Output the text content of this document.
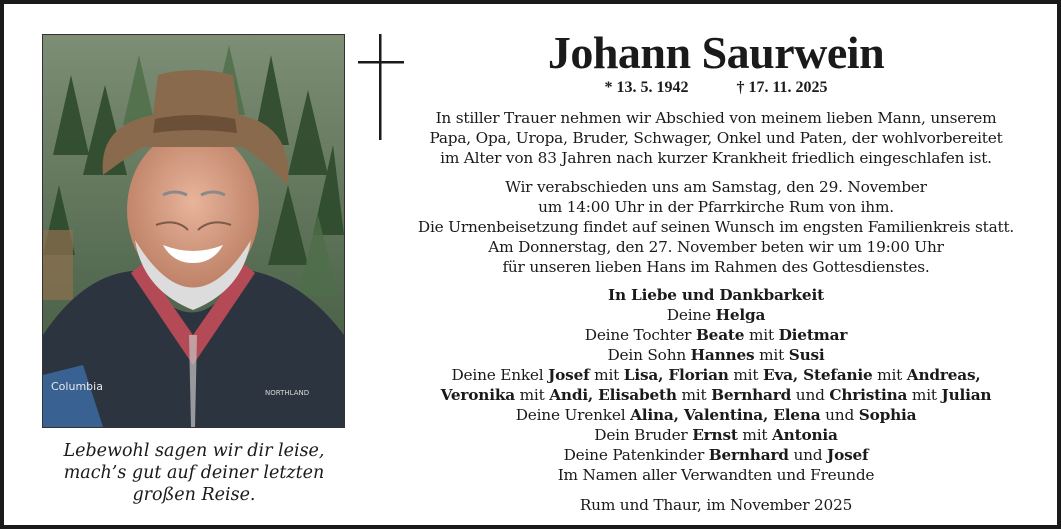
Columbia	NORTHLAND
Lebewohl sagen wir dir leise,
mach’s gut auf deiner letzten
großen Reise.
Johann Saurwein
* 13. 5. 1942	† 17. 11. 2025
In stiller Trauer nehmen wir Abschied von meinem lieben Mann, unserem
Papa, Opa, Uropa, Bruder, Schwager, Onkel und Paten, der wohlvorbereitet
im Alter von 83 Jahren nach kurzer Krankheit friedlich eingeschlafen ist.
Wir verabschieden uns am Samstag, den 29. November
um 14:00 Uhr in der Pfarrkirche Rum von ihm.
Die Urnenbeisetzung findet auf seinen Wunsch im engsten Familienkreis statt.
Am Donnerstag, den 27. November beten wir um 19:00 Uhr
für unseren lieben Hans im Rahmen des Gottesdienstes.
In Liebe und Dankbarkeit
Deine Helga
Deine Tochter Beate mit Dietmar
Dein Sohn Hannes mit Susi
Deine Enkel Josef mit Lisa, Florian mit Eva, Stefanie mit Andreas,
Veronika mit Andi, Elisabeth mit Bernhard und Christina mit Julian
Deine Urenkel Alina, Valentina, Elena und Sophia
Dein Bruder Ernst mit Antonia
Deine Patenkinder Bernhard und Josef
Im Namen aller Verwandten und Freunde
Rum und Thaur, im November 2025
